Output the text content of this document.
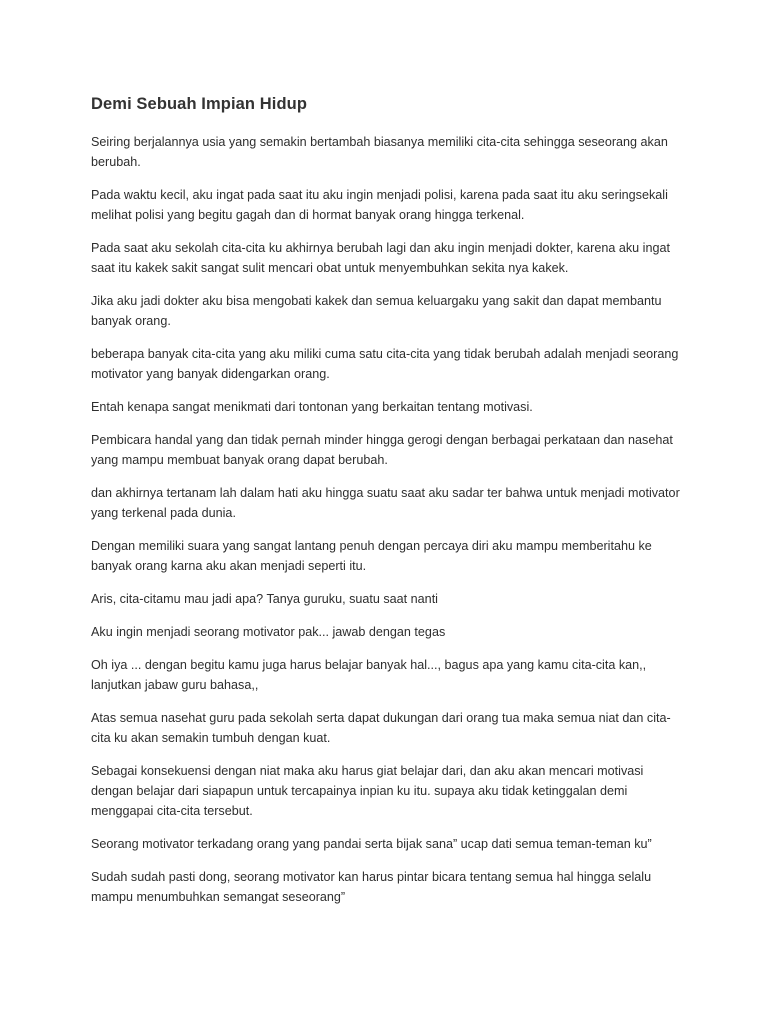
Demi Sebuah Impian Hidup

Seiring berjalannya usia yang semakin bertambah biasanya memiliki cita-cita sehingga seseorang akan berubah.

Pada waktu kecil, aku ingat pada saat itu aku ingin menjadi polisi, karena pada saat itu aku seringsekali melihat polisi yang begitu gagah dan di hormat banyak orang hingga terkenal.

Pada saat aku sekolah cita-cita ku akhirnya berubah lagi dan aku ingin menjadi dokter, karena aku ingat saat itu kakek sakit sangat sulit mencari obat untuk menyembuhkan sekita nya kakek.

Jika aku jadi dokter aku bisa mengobati kakek dan semua keluargaku yang sakit dan dapat membantu banyak orang.

beberapa banyak cita-cita yang aku miliki cuma satu cita-cita yang tidak berubah adalah menjadi seorang motivator yang banyak didengarkan orang.

Entah kenapa sangat menikmati dari tontonan yang berkaitan tentang motivasi.

Pembicara handal yang dan tidak pernah minder hingga gerogi dengan berbagai perkataan dan nasehat yang mampu membuat banyak orang dapat berubah.

dan akhirnya tertanam lah dalam hati aku hingga suatu saat aku sadar ter bahwa untuk menjadi motivator yang terkenal pada dunia.

Dengan memiliki suara yang sangat lantang penuh dengan percaya diri aku mampu memberitahu ke banyak orang karna aku akan menjadi seperti itu.

Aris, cita-citamu mau jadi apa? Tanya guruku, suatu saat nanti

Aku ingin menjadi seorang motivator pak... jawab dengan tegas

Oh iya ... dengan begitu kamu juga harus belajar banyak hal..., bagus apa yang kamu cita-cita kan,, lanjutkan jabaw guru bahasa,,

Atas semua nasehat guru pada sekolah serta dapat dukungan dari orang tua maka semua niat dan cita-cita ku akan semakin tumbuh dengan kuat.

Sebagai konsekuensi dengan niat maka aku harus giat belajar dari, dan aku akan mencari motivasi dengan belajar dari siapapun untuk tercapainya inpian ku itu. supaya aku tidak ketinggalan demi menggapai cita-cita tersebut.

Seorang motivator terkadang orang yang pandai serta bijak sana” ucap dati semua teman-teman ku”

Sudah sudah pasti dong, seorang motivator kan harus pintar bicara tentang semua hal hingga selalu mampu menumbuhkan semangat seseorang”
